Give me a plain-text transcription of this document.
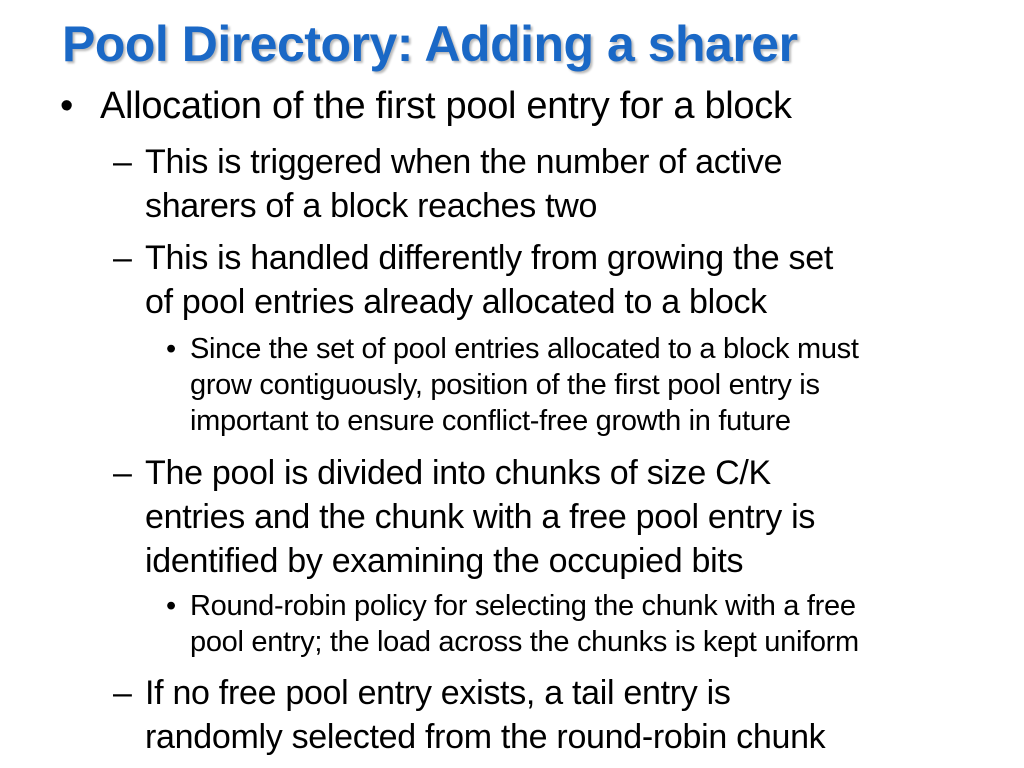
Pool Directory: Adding a sharer
• Allocation of the first pool entry for a block
– This is triggered when the number of active
sharers of a block reaches two
– This is handled differently from growing the set
of pool entries already allocated to a block
• Since the set of pool entries allocated to a block must
grow contiguously, position of the first pool entry is
important to ensure conflict-free growth in future
– The pool is divided into chunks of size C/K
entries and the chunk with a free pool entry is
identified by examining the occupied bits
• Round-robin policy for selecting the chunk with a free
pool entry; the load across the chunks is kept uniform
– If no free pool entry exists, a tail entry is
randomly selected from the round-robin chunk
